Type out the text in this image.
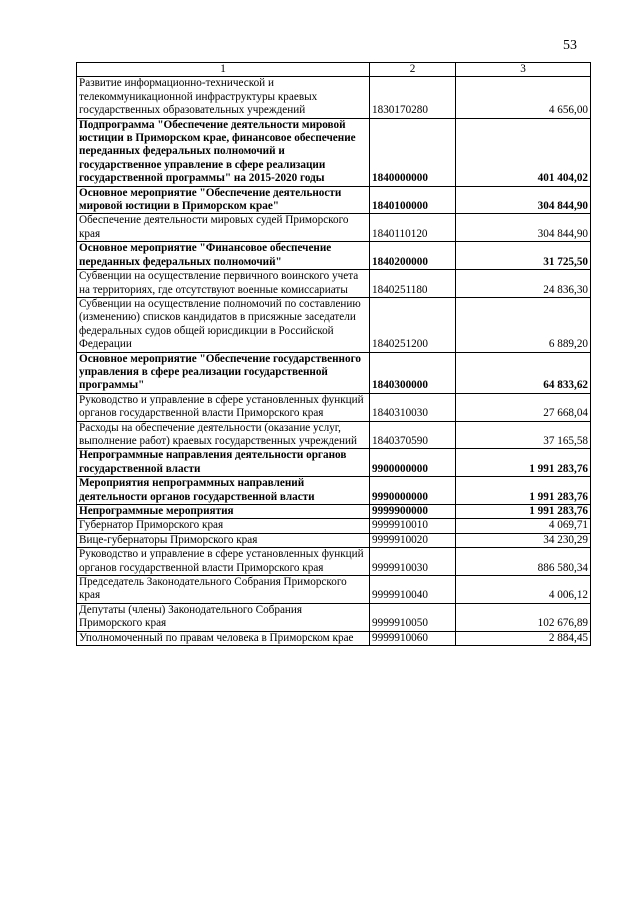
53
1	2	3
Развитие информационно-технической и телекоммуникационной инфраструктуры краевых государственных образовательных учреждений	1830170280	4 656,00
Подпрограмма "Обеспечение деятельности мировой юстиции в Приморском крае, финансовое обеспечение переданных федеральных полномочий и государственное управление в сфере реализации государственной программы" на 2015-2020 годы	1840000000	401 404,02
Основное мероприятие "Обеспечение деятельности мировой юстиции в Приморском крае"	1840100000	304 844,90
Обеспечение деятельности мировых судей Приморского края	1840110120	304 844,90
Основное мероприятие "Финансовое обеспечение переданных федеральных полномочий"	1840200000	31 725,50
Субвенции на осуществление первичного воинского учета на территориях, где отсутствуют военные комиссариаты	1840251180	24 836,30
Субвенции на осуществление полномочий по составлению (изменению) списков кандидатов в присяжные заседатели федеральных судов общей юрисдикции в Российской Федерации	1840251200	6 889,20
Основное мероприятие "Обеспечение государственного управления в сфере реализации государственной программы"	1840300000	64 833,62
Руководство и управление в сфере установленных функций органов государственной власти Приморского края	1840310030	27 668,04
Расходы на обеспечение деятельности (оказание услуг, выполнение работ) краевых государственных учреждений	1840370590	37 165,58
Непрограммные направления деятельности органов государственной власти	9900000000	1 991 283,76
Мероприятия непрограммных направлений деятельности органов государственной власти	9990000000	1 991 283,76
Непрограммные мероприятия	9999900000	1 991 283,76
Губернатор Приморского края	9999910010	4 069,71
Вице-губернаторы Приморского края	9999910020	34 230,29
Руководство и управление в сфере установленных функций органов государственной власти Приморского края	9999910030	886 580,34
Председатель Законодательного Собрания Приморского края	9999910040	4 006,12
Депутаты (члены) Законодательного Собрания Приморского края	9999910050	102 676,89
Уполномоченный по правам человека в Приморском крае	9999910060	2 884,45
